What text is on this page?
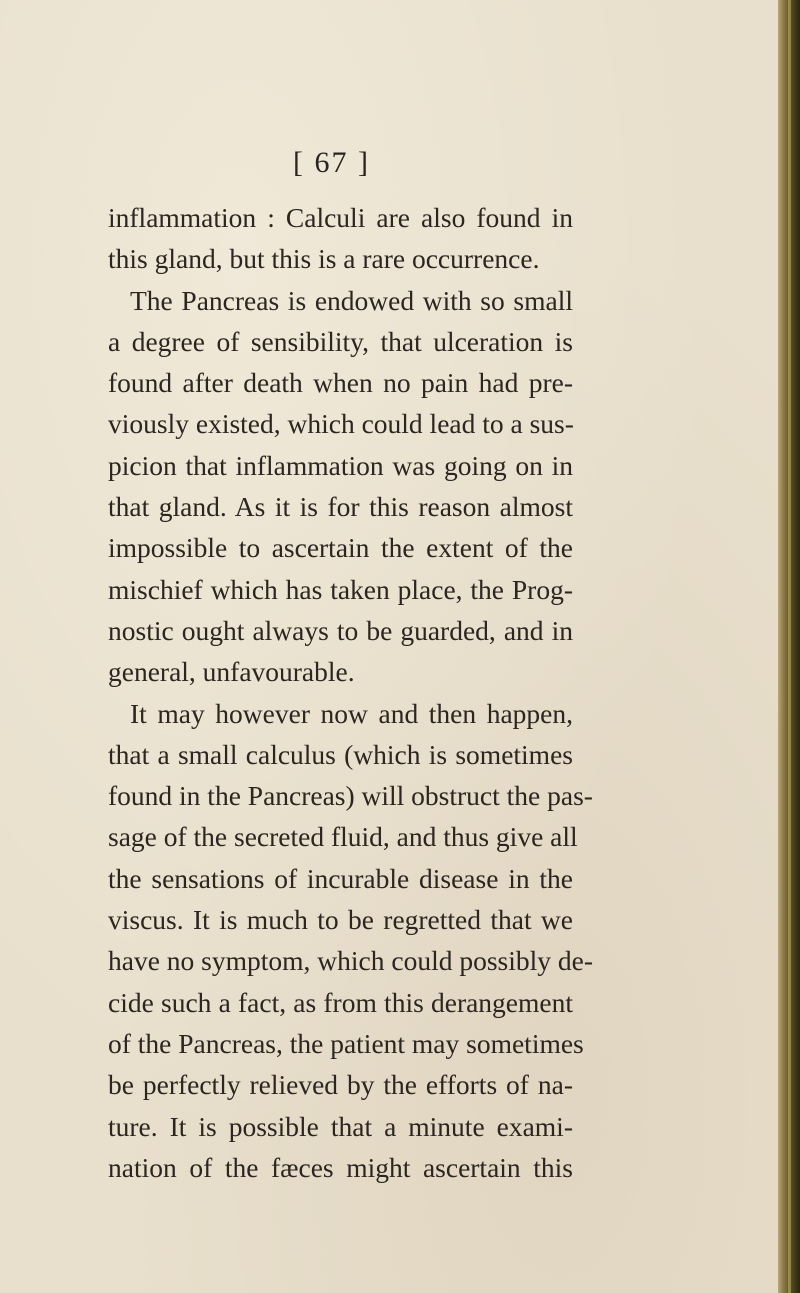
[ 67 ]
inflammation : Calculi are also found in
this gland, but this is a rare occurrence.
The Pancreas is endowed with so small
a degree of sensibility, that ulceration is
found after death when no pain had pre-
viously existed, which could lead to a sus-
picion that inflammation was going on in
that gland. As it is for this reason almost
impossible to ascertain the extent of the
mischief which has taken place, the Prog-
nostic ought always to be guarded, and in
general, unfavourable.
It may however now and then happen,
that a small calculus (which is sometimes
found in the Pancreas) will obstruct the pas-
sage of the secreted fluid, and thus give all
the sensations of incurable disease in the
viscus. It is much to be regretted that we
have no symptom, which could possibly de-
cide such a fact, as from this derangement
of the Pancreas, the patient may sometimes
be perfectly relieved by the efforts of na-
ture. It is possible that a minute exami-
nation of the fæces might ascertain this
